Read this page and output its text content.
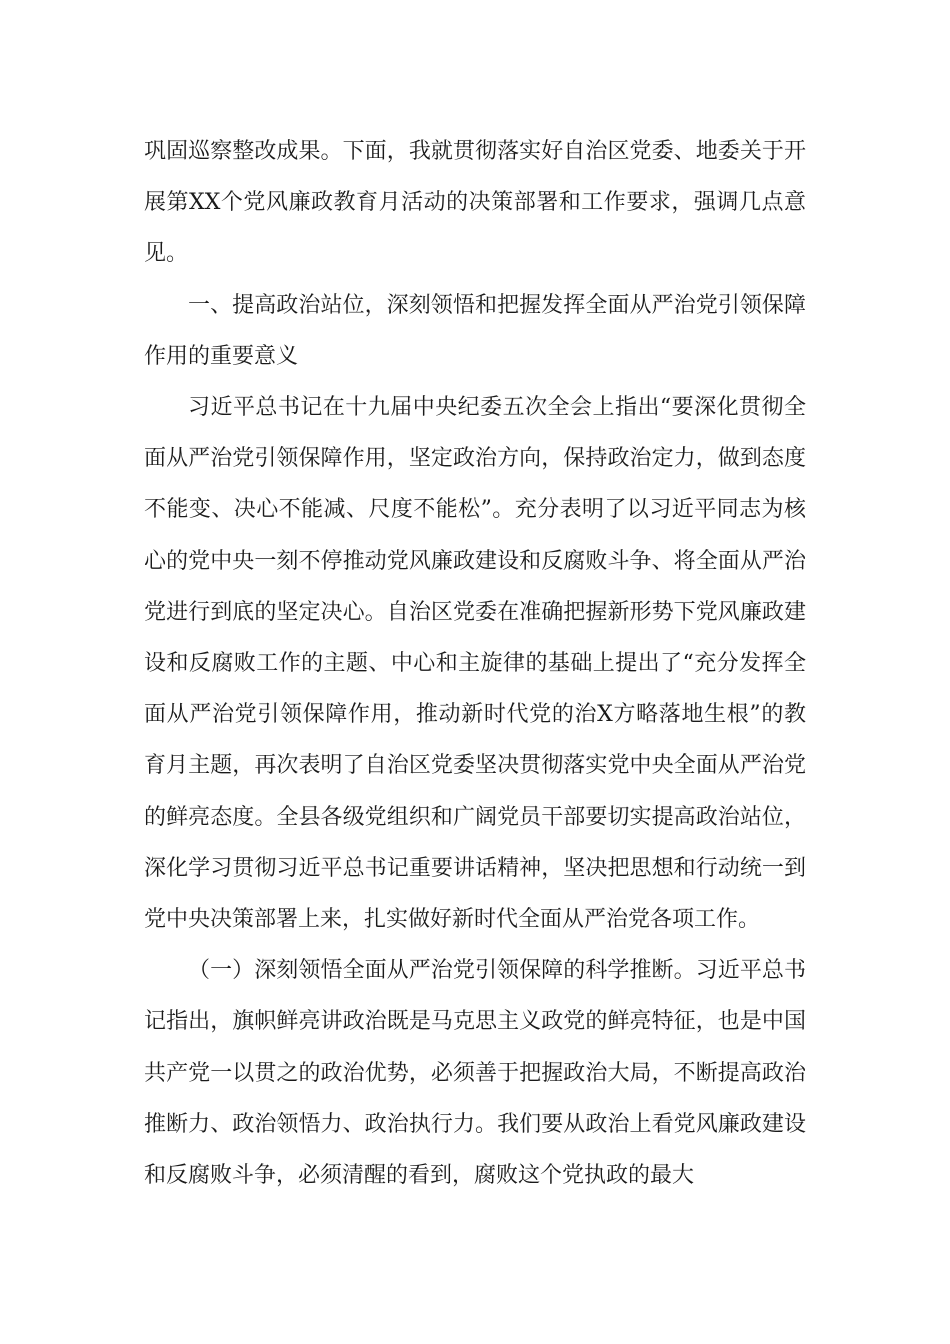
巩固巡察整改成果。下面，我就贯彻落实好自治区党委、地委关于开展第XX个党风廉政教育月活动的决策部署和工作要求，强调几点意见。

一、提高政治站位，深刻领悟和把握发挥全面从严治党引领保障作用的重要意义

习近平总书记在十九届中央纪委五次全会上指出“要深化贯彻全面从严治党引领保障作用，坚定政治方向，保持政治定力，做到态度不能变、决心不能减、尺度不能松”。充分表明了以习近平同志为核心的党中央一刻不停推动党风廉政建设和反腐败斗争、将全面从严治党进行到底的坚定决心。自治区党委在准确把握新形势下党风廉政建设和反腐败工作的主题、中心和主旋律的基础上提出了“充分发挥全面从严治党引领保障作用，推动新时代党的治X方略落地生根”的教育月主题，再次表明了自治区党委坚决贯彻落实党中央全面从严治党的鲜亮态度。全县各级党组织和广阔党员干部要切实提高政治站位，深化学习贯彻习近平总书记重要讲话精神，坚决把思想和行动统一到党中央决策部署上来，扎实做好新时代全面从严治党各项工作。

（一）深刻领悟全面从严治党引领保障的科学推断。习近平总书记指出，旗帜鲜亮讲政治既是马克思主义政党的鲜亮特征，也是中国共产党一以贯之的政治优势，必须善于把握政治大局，不断提高政治推断力、政治领悟力、政治执行力。我们要从政治上看党风廉政建设和反腐败斗争，必须清醒的看到，腐败这个党执政的最大
